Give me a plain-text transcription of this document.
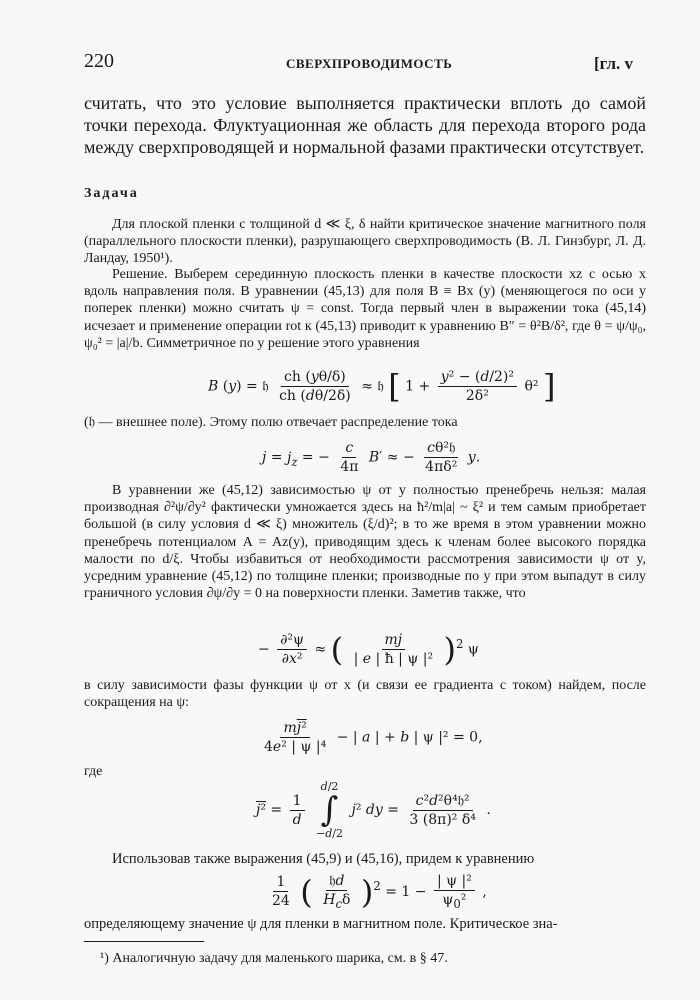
220	СВЕРХПРОВОДИМОСТЬ	[гл. v
считать, что это условие выполняется практически вплоть до самой точки перехода. Флуктуационная же область для перехода второго рода между сверхпроводящей и нормальной фазами практически отсутствует.
Задача

Для плоской пленки с толщиной d ≪ ξ, δ найти критическое значение магнитного поля (параллельного плоскости пленки), разрушающего сверхпроводимость (В. Л. Гинзбург, Л. Д. Ландау, 1950¹).

Решение. Выберем серединную плоскость пленки в качестве плоскости xz с осью x вдоль направления поля. В уравнении (45,13) для поля B ≡ Bx (y) (меняющегося по оси y поперек пленки) можно считать ψ = const. Тогда первый член в выражении тока (45,14) исчезает и применение операции rot к (45,13) приводит к уравнению B″ = θ²B/δ², где θ = ψ/ψ₀, ψ₀² = |a|/b. Симметричное по y решение этого уравнения

B (y) = 𝔥 $\frac{ch (y\theta/\delta)}{ch (d\theta/2\delta)}$ ≈ 𝔥 [ $1 + \frac{\text{y² − (d/2)²}}{\text{2δ²}} \theta^2$ ]

(𝔥 — внешнее поле). Этому полю отвечает распределение тока

$j = j_z$ = − $\frac{c}{4\pi} B'$ ≈ − $\frac{\text{cθ²𝔥}}{\text{4πδ²}} y$.

В уравнении же (45,12) зависимостью ψ от y полностью пренебречь нельзя: малая производная ∂²ψ/∂y² фактически умножается здесь на ħ²/m|a| ~ ξ² и тем самым приобретает большой (в силу условия d ≪ ξ) множитель (ξ/d)²; в то же время в этом уравнении можно пренебречь потенциалом A = Az(y), приводящим здесь к членам более высокого порядка малости по d/ξ. Чтобы избавиться от необходимости рассмотрения зависимости ψ от y, усредним уравнение (45,12) по толщине пленки; производные по y при этом выпадут в силу граничного условия ∂ψ/∂y = 0 на поверхности пленки. Заметив также, что

− $\frac{\text{∂²ψ}}{\text{∂x²}}$ ≈ ( $\frac{mj}{\text{| e | ħ | ψ |²}} )^2$ ψ

в силу зависимости фазы функции ψ от x (и связи ее градиента с током) найдем, после сокращения на ψ:

$\frac{\text{mj²}}{\text{4e² | ψ |⁴}}$ − | a | + b | ψ |² = 0,

где

$j^2 = \frac{1}{d}$

d/2
∫
−d/2
j² dy = $\frac{\text{c²d²θ⁴𝔥²}}{\text{3 (8π)² δ⁴}}$ .

Использовав также выражения (45,9) и (45,16), придем к уравнению

$\frac{1}{24}$ ( $\frac{\text{𝔥d}}{H_c\delta} )^2 = 1 - \frac{\text{| ψ |²}}{\psi_0^2}$ ,

определяющему значение ψ для пленки в магнитном поле. Критическое зна-

¹) Аналогичную задачу для маленького шарика, см. в § 47.
